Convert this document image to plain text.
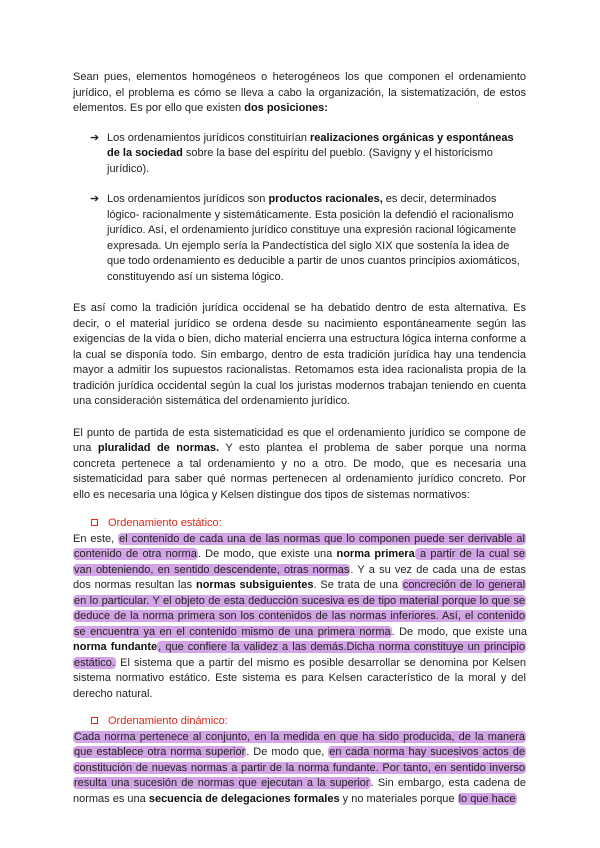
Sean pues, elementos homogéneos o heterogéneos los que componen el ordenamiento jurídico, el problema es cómo se lleva a cabo la organización, la sistematización, de estos elementos. Es por ello que existen dos posiciones:

➔ Los ordenamientos jurídicos constituirían realizaciones orgánicas y espontáneas de la sociedad sobre la base del espíritu del pueblo. (Savigny y el historicismo jurídico).
➔ Los ordenamientos jurídicos son productos racionales, es decir, determinados lógico- racionalmente y sistemáticamente. Esta posición la defendió el racionalismo jurídico. Así, el ordenamiento jurídico constituye una expresión racional lógicamente expresada. Un ejemplo sería la Pandectística del siglo XIX que sostenía la idea de que todo ordenamiento es deducible a partir de unos cuantos principios axiomáticos, constituyendo así un sistema lógico.

Es así como la tradición jurídica occidenal se ha debatido dentro de esta alternativa. Es decir, o el material jurídico se ordena desde su nacimiento espontáneamente según las exigencias de la vida o bien, dicho material encierra una estructura lógica interna conforme a la cual se disponía todo. Sin embargo, dentro de esta tradición jurídica hay una tendencia mayor a admitir los supuestos racionalistas. Retomamos esta idea racionalista propia de la tradición jurídica occidental según la cual los juristas modernos trabajan teniendo en cuenta una consideración sistemática del ordenamiento jurídico.

El punto de partida de esta sistematicidad es que el ordenamiento jurídico se compone de una pluralidad de normas. Y esto plantea el problema de saber porque una norma concreta pertenece a tal ordenamiento y no a otro. De modo, que es necesaria una sistematicidad para saber qué normas pertenecen al ordenamiento jurídico concreto. Por ello es necesaria una lógica y Kelsen distingue dos tipos de sistemas normativos:

Ordenamiento estático:

En este, el contenido de cada una de las normas que lo componen puede ser derivable al contenido de otra norma. De modo, que existe una norma primera a partir de la cual se van obteniendo, en sentido descendente, otras normas. Y a su vez de cada una de estas dos normas resultan las normas subsiguientes. Se trata de una concreción de lo general en lo particular. Y el objeto de esta deducción sucesiva es de tipo material porque lo que se deduce de la norma primera son los contenidos de las normas inferiores. Así, el contenido se encuentra ya en el contenido mismo de una primera norma. De modo, que existe una norma fundante, que confiere la validez a las demás.Dicha norma constituye un principio estático. El sistema que a partir del mismo es posible desarrollar se denomina por Kelsen sistema normativo estático. Este sistema es para Kelsen característico de la moral y del derecho natural.

Ordenamiento dinámico:

Cada norma pertenece al conjunto, en la medida en que ha sido producida, de la manera que establece otra norma superior. De modo que, en cada norma hay sucesivos actos de constitución de nuevas normas a partir de la norma fundante. Por tanto, en sentido inverso resulta una sucesión de normas que ejecutan a la superior. Sin embargo, esta cadena de normas es una secuencia de delegaciones formales y no materiales porque lo que hace
